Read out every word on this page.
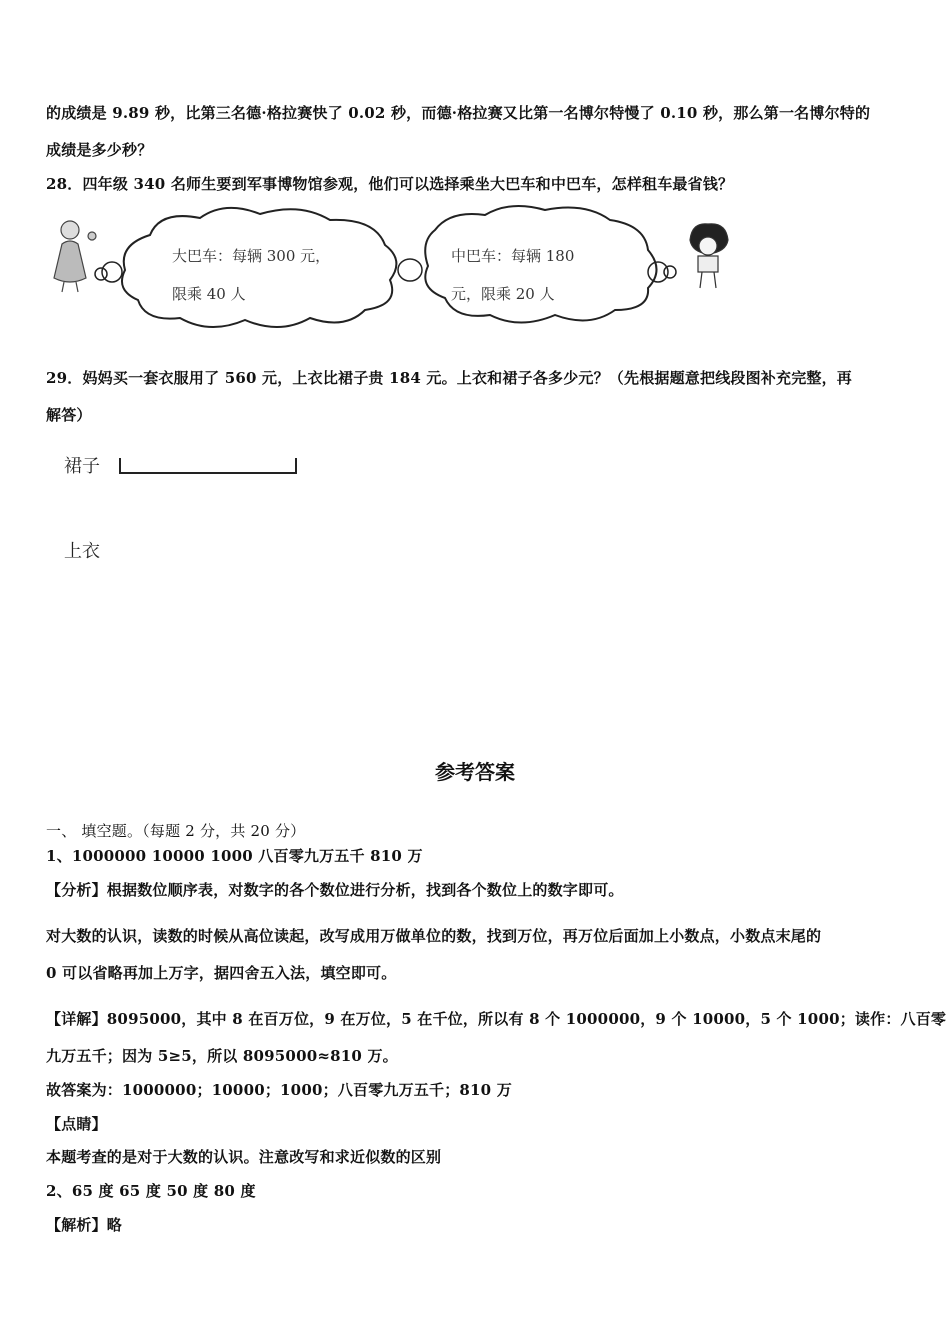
的成绩是 9.89 秒，比第三名德·格拉赛快了 0.02 秒，而德·格拉赛又比第一名博尔特慢了 0.10 秒，那么第一名博尔特的
成绩是多少秒？
28．四年级 340 名师生要到军事博物馆参观，他们可以选择乘坐大巴车和中巴车，怎样租车最省钱？
大巴车：每辆 300 元，
限乘 40 人
中巴车：每辆 180
元，限乘 20 人
29．妈妈买一套衣服用了 560 元，上衣比裙子贵 184 元。上衣和裙子各多少元？（先根据题意把线段图补充完整，再
解答）
裙子
上衣
参考答案
一、 填空题。（每题 2 分，共 20 分）
1、1000000 10000 1000 八百零九万五千 810 万
【分析】根据数位顺序表，对数字的各个数位进行分析，找到各个数位上的数字即可。
对大数的认识，读数的时候从高位读起，改写成用万做单位的数，找到万位，再万位后面加上小数点，小数点末尾的
0 可以省略再加上万字，据四舍五入法，填空即可。
【详解】8095000，其中 8 在百万位，9 在万位，5 在千位，所以有 8 个 1000000，9 个 10000，5 个 1000；读作：八百零
九万五千；因为 5≥5，所以 8095000≈810 万。
故答案为：1000000；10000；1000；八百零九万五千；810 万
【点睛】
本题考查的是对于大数的认识。注意改写和求近似数的区别
2、65 度 65 度 50 度 80 度
【解析】略
